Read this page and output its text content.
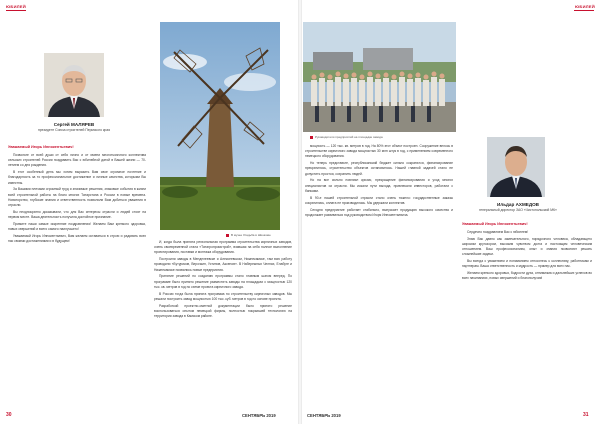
ЮБИЛЕЙ	ЮБИЛЕЙ
Сергей МАЛЯРЕВ
президент Союза строителей Пермского края
Уважаемый Игорь Иннокентьевич!

Позвольте от всей души от себя лично и от имени многотысячного коллектива сельских строителей России поздравить Вас с юбилейной датой в Вашей жизни — 70-летием со дня рождения.

В этот особенный день мы хотим выразить Вам свое огромное почтение и благодарность за то профессиональное достижение и личные качества, которыми Вы известны.

За Вашими плечами огромный труд и значимые решения, знаковые события в жизни всей строительной работы на благо многих Татарстана и России в новые времена. Новаторство, глубокие знания и ответственность позволили Вам добиться уважения в отрасли.

Вы неоднократно доказывали, что для Вас интересы отрасли и людей стоят на первом месте. Ваша деятельность получила достойное признание.

Примите наши самые искренние поздравления! Желаем Вам крепкого здоровья, новых свершений и всего самого наилучшего!

Уважаемый Игорь Иннокентьевич, Вам желаем оставаться в строю и радовать всех нас своими достижениями и в будущем!

В музее Усадьба в Шишкове
Руководители предприятий на площадке завода

И, когда была принята региональная программа строительства кирпичных заводов, очень своевременной стала «Татагропромстрой», взявшая на себя полное выполнение проектирования, поставки и монтажа оборудования.

Построили заводы в Менделеевске и Алексеевском, Нижнекамске, там всю работу проводили «Бутуриков, Верочкин, Устинов, Аксенов». В Набережных Челнах, Елабуге и Нижнекамске появились новые предприятия.

Принятие решений по созданию программы стало главным шагом вперед. По программе было принято решение разместить заводы на площадках с мощностью 120 тыс. кв. метров в год по схеме проекта кирпичного завода.

В России тогда была принята программа по строительству кирпичных заводов. Мы решали построить завод мощностью 100 тыс. куб. метров в год по основе проекта.

Разработкой проектно-сметной документации было принято решение воспользоваться опытом немецкой фирмы, полностью покрывшей технологию на территории завода в Камском районе.

мощность — 120 тыс. кв. метров в год. На 80% этот объект построен. Сооружение велось в строительстве кирпичного завода мощностью 30 млн штук в год, с применением современного немецкого оборудования.

Но теперь представьте, республиканский бюджет сильно сократился, финансирование прекратилось, строительство объектов остановилось. Нашей главной задачей стало не допустить простоя, сохранить людей.

Но на все сильно повлиял кризис, прекращение финансирования и уход многих специалистов из отрасли. Мы искали пути выхода, привлекали инвесторов, работали с банками.

В 90-е нашей строительной отрасли стало очень тяжело: государственные заказы сократились, оплата не производилась. Мы удержали коллектив.

Сегодня предприятие работает стабильно, выпускает продукцию высокого качества и продолжает развиваться под руководством Игоря Иннокентьевича.

Ильдар АХМЕДОВ
генеральный директор ЗАО «Чистопольский МК»
Уважаемый Игорь Иннокентьевич!

Сердечно поздравляем Вас с юбилеем!

Знаю Вас давно как замечательного, порядочного человека, обладающего широким кругозором, высоким чувством долга и настоящим человеческим отношением. Ваш профессионализм, опыт и знания позволяют решать сложнейшие задачи.

Вы всегда с уважением и пониманием относитесь к коллективу, работникам и партнерам. Ваша ответственность и мудрость — пример для всех нас.

Желаем крепкого здоровья, бодрости духа, оптимизма и дальнейших успехов во всех начинаниях, новых свершений и благополучия!

30	СЕНТЯБРЬ 2019	СЕНТЯБРЬ 2019	31
